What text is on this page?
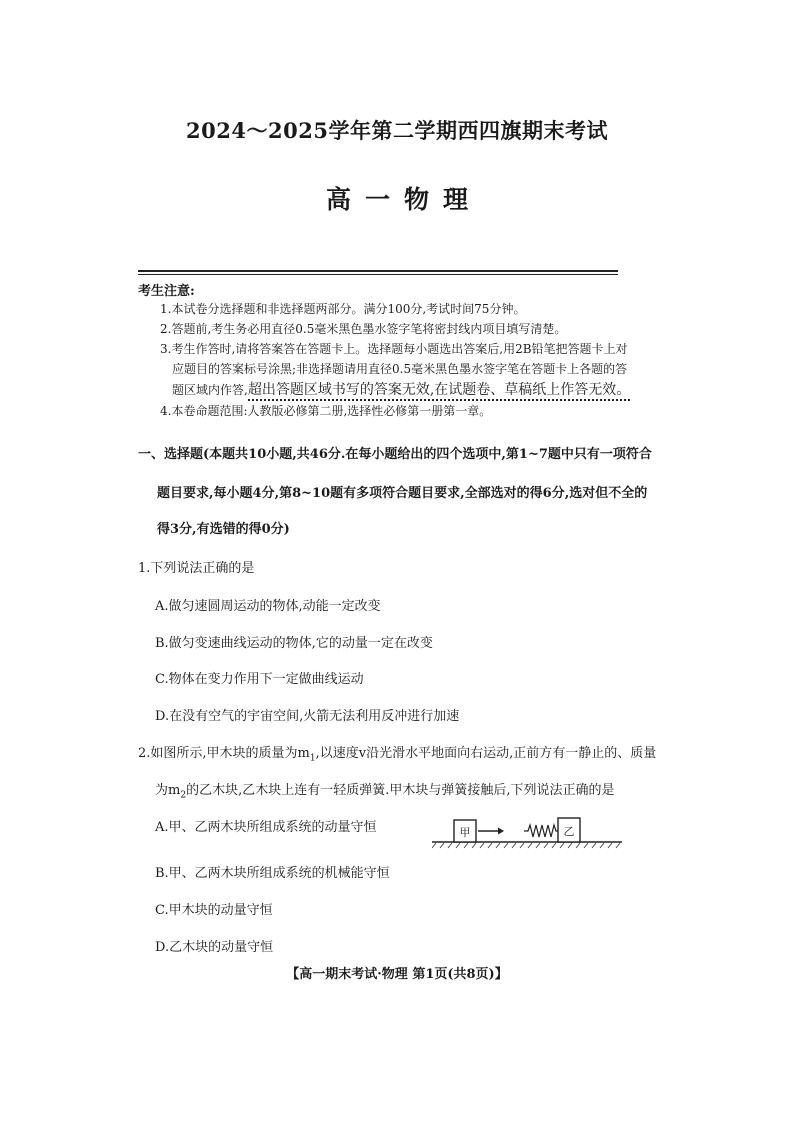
2024～2025学年第二学期西四旗期末考试
高一物理
考生注意:
1.本试卷分选择题和非选择题两部分。满分100分,考试时间75分钟。
2.答题前,考生务必用直径0.5毫米黑色墨水签字笔将密封线内项目填写清楚。
3.考生作答时,请将答案答在答题卡上。选择题每小题选出答案后,用2B铅笔把答题卡上对
应题目的答案标号涂黑;非选择题请用直径0.5毫米黑色墨水签字笔在答题卡上各题的答
题区域内作答,超出答题区域书写的答案无效,在试题卷、草稿纸上作答无效。
4.本卷命题范围:人教版必修第二册,选择性必修第一册第一章。
一、选择题(本题共10小题,共46分.在每小题给出的四个选项中,第1~7题中只有一项符合
题目要求,每小题4分,第8~10题有多项符合题目要求,全部选对的得6分,选对但不全的
得3分,有选错的得0分)
1.下列说法正确的是
A.做匀速圆周运动的物体,动能一定改变
B.做匀变速曲线运动的物体,它的动量一定在改变
C.物体在变力作用下一定做曲线运动
D.在没有空气的宇宙空间,火箭无法利用反冲进行加速
2.如图所示,甲木块的质量为$m_1$,以速度v沿光滑水平地面向右运动,正前方有一静止的、质量
为$m_2$的乙木块,乙木块上连有一轻质弹簧.甲木块与弹簧接触后,下列说法正确的是
A.甲、乙两木块所组成系统的动量守恒
B.甲、乙两木块所组成系统的机械能守恒
C.甲木块的动量守恒
D.乙木块的动量守恒
甲	乙
【高一期末考试·物理 第1页(共8页)】
